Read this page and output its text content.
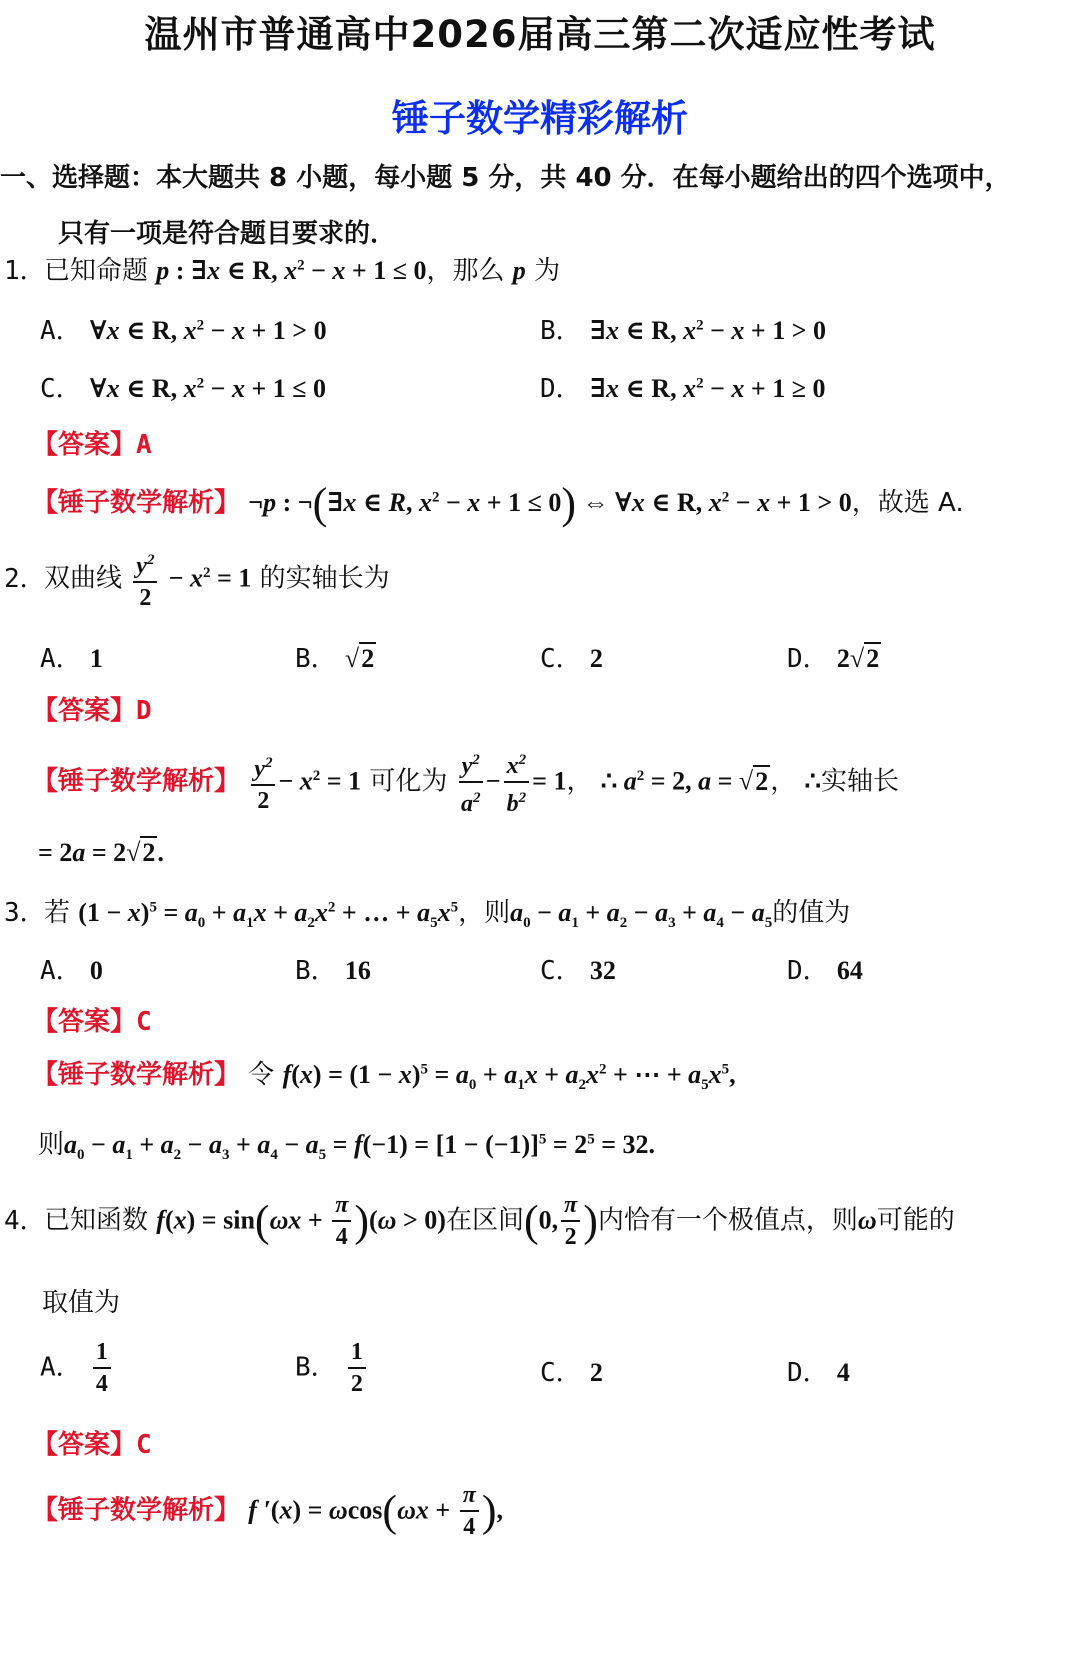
温州市普通高中2026届高三第二次适应性考试
锤子数学精彩解析
一、选择题：本大题共 8 小题，每小题 5 分，共 40 分．在每小题给出的四个选项中，
只有一项是符合题目要求的．
1．已知命题 p : ∃x ∈ R, $x^2 - x + 1 \le 0$，那么 p 为
A． ∀x ∈ R, $x^2 - x + 1 > 0$	B． ∃x ∈ R, $x^2 - x + 1 > 0$
C． ∀x ∈ R, $x^2 - x + 1 \le 0$	D． ∃x ∈ R, $x^2 - x + 1 \ge 0$
【答案】A
【锤子数学解析】 ¬p : ¬(∃x ∈ R, $x^2 - x + 1 \le 0$) ⇔ ∀x ∈ R, $x^2 - x + 1 > 0$，故选 A.
2．双曲线 $\frac{y^2}{2} - x^2 = 1$ 的实轴长为
A． 1	B． √2	C． 2	D． 2√2
【答案】D
【锤子数学解析】 $\frac{y^2}{2} - x^2 = 1$ 可化为 $\frac{y^2}{a^2} - \frac{x^2}{b^2} = 1$， ∴ $a^2 = 2$, a = √2， ∴实轴长
= 2a = 2√2.
3．若 $(1 - x)^5 = a_0 + a_1x + a_2x^2$ + … + $a_5x^5$，则$a_0 - a_1 + a_2 - a_3 + a_4 - a_5$的值为
A． 0	B． 16	C． 32	D． 64
【答案】C
【锤子数学解析】 令 $f(x) = (1 - x)^5 = a_0 + a_1x + a_2x^2$ + ⋯ + $a_5x^5$,
则$a_0 - a_1 + a_2 - a_3 + a_4 - a_5 = f(-1) = [1 - (-1)]^5 = 2^5 = 32$.
4．已知函数 $f(x) = \sin(\omega x + \frac{\pi}{4} )(\omega > 0)$在区间(0, $\frac{\pi}{2}$ )内恰有一个极值点，则ω可能的
取值为
A． $\frac{1}{4}$	B． $\frac{1}{2}$	C． 2	D． 4
【答案】C
【锤子数学解析】 f $'(x) = \omega\cos(\omega x + \frac{\pi}{4}$ ),
